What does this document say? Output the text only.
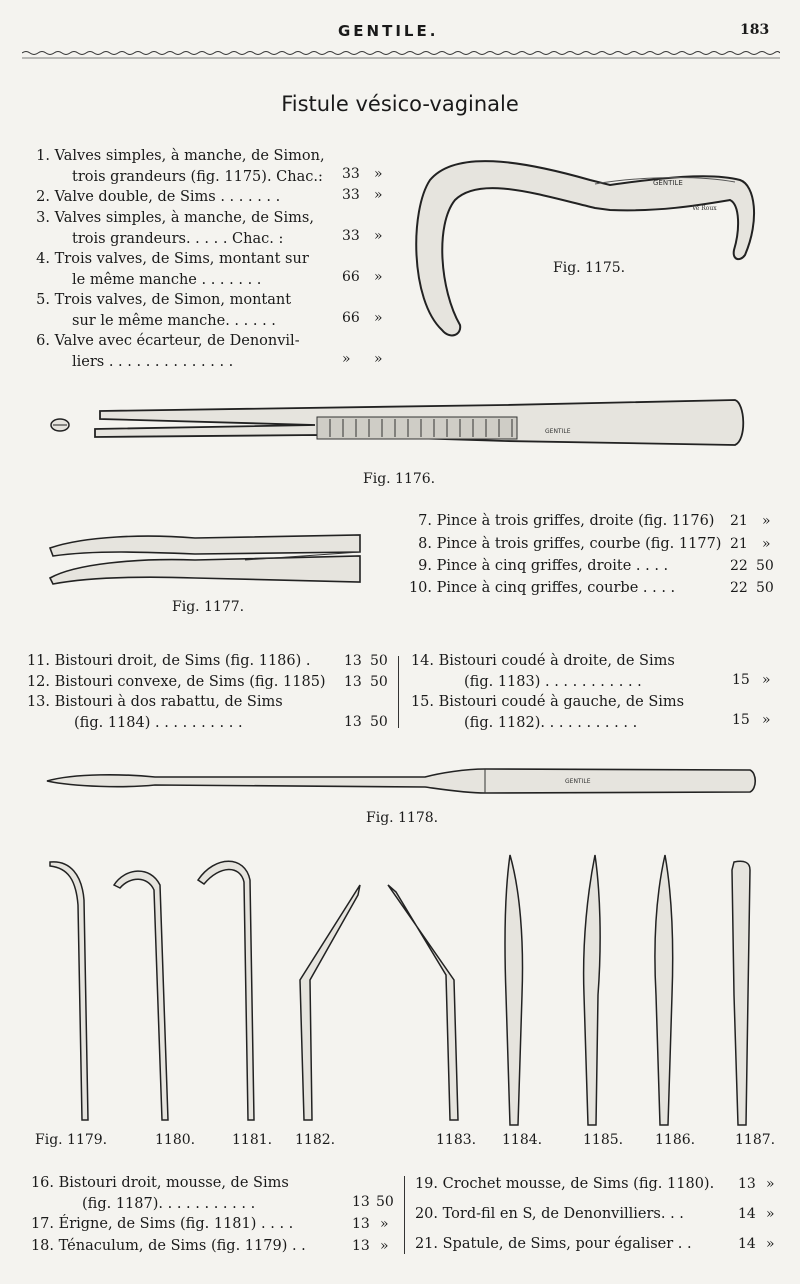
GENTILE.	183
Fistule vésico-vaginale
1. Valves simples, à manche, de Simon,
trois grandeurs (fig. 1175). Chac.: 33 »
2. Valve double, de Sims . . . . . . .	33 »
3. Valves simples, à manche, de Sims,
trois grandeurs. . . . . Chac. :	33 »
4. Trois valves, de Sims, montant sur
le même manche . . . . . . .	66 »
5. Trois valves, de Simon, montant
sur le même manche. . . . . .	66 »
6. Valve avec écarteur, de Denonvil-
liers . . . . . . . . . . . . . .	» »
GENTILE
Ve Roux
Fig. 1175.
GENTILE
Fig. 1176.
Fig. 1177.
7. Pince à trois griffes, droite (fig. 1176) 21 »
8. Pince à trois griffes, courbe (fig. 1177) 21 »
9. Pince à cinq griffes, droite . . . .	22 50
10. Pince à cinq griffes, courbe . . . .	22 50
11. Bistouri droit, de Sims (fig. 1186) . 13 50
12. Bistouri convexe, de Sims (fig. 1185) 13 50
13. Bistouri à dos rabattu, de Sims
(fig. 1184) . . . . . . . . . .	13 50
14. Bistouri coudé à droite, de Sims
(fig. 1183) . . . . . . . . . . .	15 »
15. Bistouri coudé à gauche, de Sims
(fig. 1182). . . . . . . . . . .	15 »
GENTILE
Fig. 1178.
Fig. 1179.	1180.	1181. 1182.	1183. 1184.	1185. 1186.	1187.
16. Bistouri droit, mousse, de Sims
(fig. 1187). . . . . . . . . . .	13 50
17. Érigne, de Sims (fig. 1181) . . . .	13 »
18. Ténaculum, de Sims (fig. 1179) . .	13 »
19. Crochet mousse, de Sims (fig. 1180). 13 »
20. Tord-fil en S, de Denonvilliers. . .	14 »
21. Spatule, de Sims, pour égaliser . .	14 »
